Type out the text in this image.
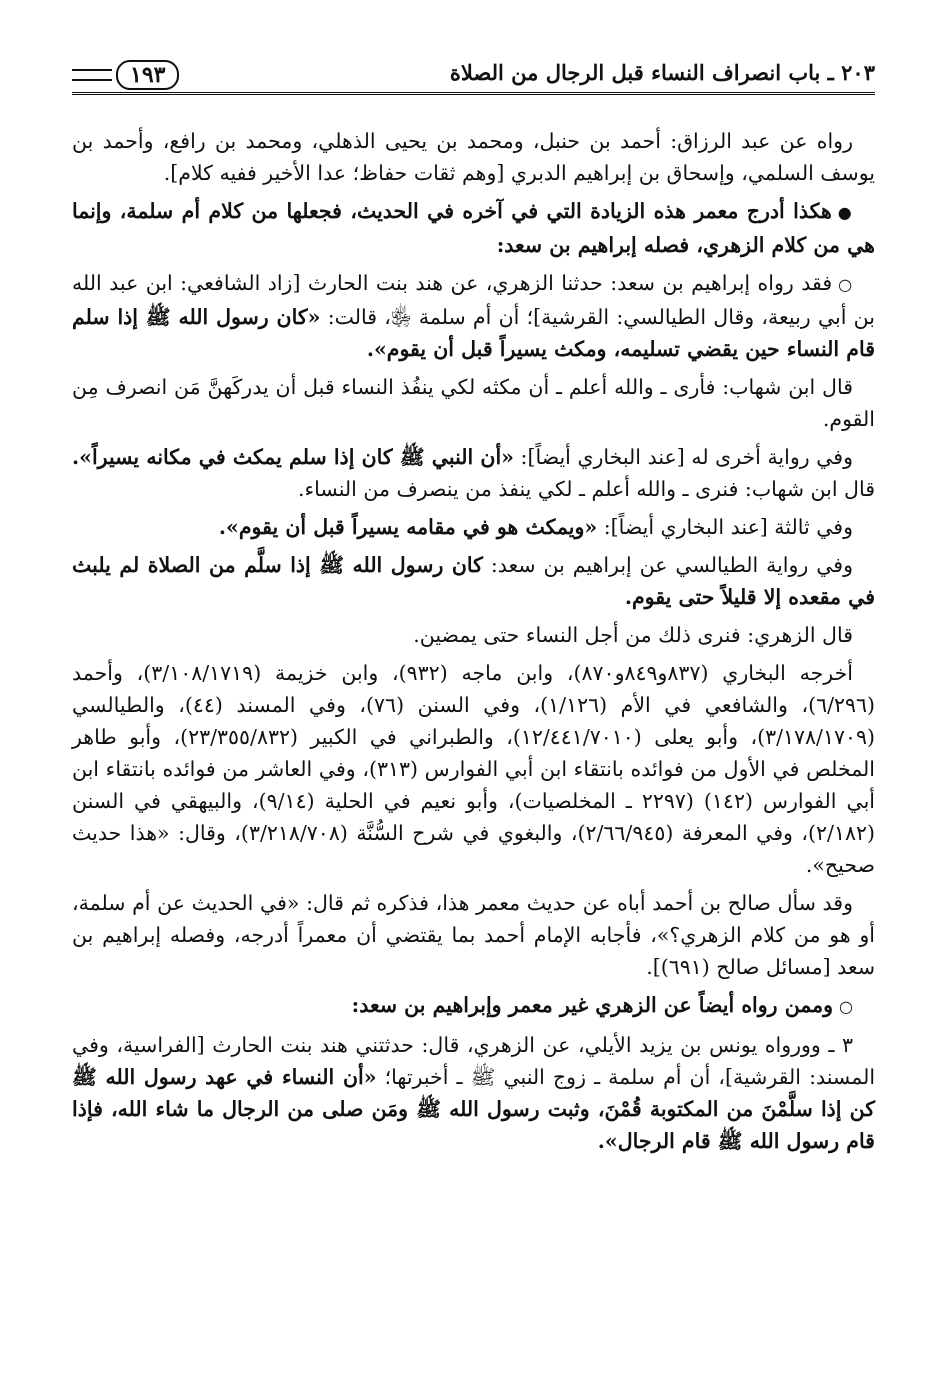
٢٠٣ ـ باب انصراف النساء قبل الرجال من الصلاة
١٩٣

رواه عن عبد الرزاق: أحمد بن حنبل، ومحمد بن يحيى الذهلي، ومحمد بن رافع، وأحمد بن يوسف السلمي، وإسحاق بن إبراهيم الدبري [وهم ثقات حفاظ؛ عدا الأخير ففيه كلام].

●هكذا أدرج معمر هذه الزيادة التي في آخره في الحديث، فجعلها من كلام أم سلمة، وإنما هي من كلام الزهري، فصله إبراهيم بن سعد:

○فقد رواه إبراهيم بن سعد: حدثنا الزهري، عن هند بنت الحارث [زاد الشافعي: ابن عبد الله بن أبي ربيعة، وقال الطيالسي: القرشية]؛ أن أم سلمة ﵂، قالت: «كان رسول الله ﷺ إذا سلم قام النساء حين يقضي تسليمه، ومكث يسيراً قبل أن يقوم».

قال ابن شهاب: فأرى ـ والله أعلم ـ أن مكثه لكي ينفُذ النساء قبل أن يدركَهنَّ مَن انصرف مِن القوم.

وفي رواية أخرى له [عند البخاري أيضاً]: «أن النبي ﷺ كان إذا سلم يمكث في مكانه يسيراً». قال ابن شهاب: فنرى ـ والله أعلم ـ لكي ينفذ من ينصرف من النساء.

وفي ثالثة [عند البخاري أيضاً]: «ويمكث هو في مقامه يسيراً قبل أن يقوم».

وفي رواية الطيالسي عن إبراهيم بن سعد: كان رسول الله ﷺ إذا سلَّم من الصلاة لم يلبث في مقعده إلا قليلاً حتى يقوم.

قال الزهري: فنرى ذلك من أجل النساء حتى يمضين.

أخرجه البخاري (٨٣٧و٨٤٩و٨٧٠)، وابن ماجه (٩٣٢)، وابن خزيمة (٣/١٠٨/١٧١٩)، وأحمد (٦/٢٩٦)، والشافعي في الأم (١/١٢٦)، وفي السنن (٧٦)، وفي المسند (٤٤)، والطيالسي (٣/١٧٨/١٧٠٩)، وأبو يعلى (١٢/٤٤١/٧٠١٠)، والطبراني في الكبير (٢٣/٣٥٥/٨٣٢)، وأبو طاهر المخلص في الأول من فوائده بانتقاء ابن أبي الفوارس (٣١٣)، وفي العاشر من فوائده بانتقاء ابن أبي الفوارس (١٤٢) (٢٢٩٧ ـ المخلصيات)، وأبو نعيم في الحلية (٩/١٤)، والبيهقي في السنن (٢/١٨٢)، وفي المعرفة (٢/٦٦/٩٤٥)، والبغوي في شرح السُّنَّة (٣/٢١٨/٧٠٨)، وقال: «هذا حديث صحيح».

وقد سأل صالح بن أحمد أباه عن حديث معمر هذا، فذكره ثم قال: «في الحديث عن أم سلمة، أو هو من كلام الزهري؟»، فأجابه الإمام أحمد بما يقتضي أن معمراً أدرجه، وفصله إبراهيم بن سعد [مسائل صالح (٦٩١)].

○وممن رواه أيضاً عن الزهري غير معمر وإبراهيم بن سعد:

٣ ـ وورواه يونس بن يزيد الأيلي، عن الزهري، قال: حدثتني هند بنت الحارث [الفراسية، وفي المسند: القرشية]، أن أم سلمة ـ زوج النبي ﷺ ـ أخبرتها؛ «أن النساء في عهد رسول الله ﷺ كن إذا سلَّمْنَ من المكتوبة قُمْنَ، وثبت رسول الله ﷺ ومَن صلى من الرجال ما شاء الله، فإذا قام رسول الله ﷺ قام الرجال».
